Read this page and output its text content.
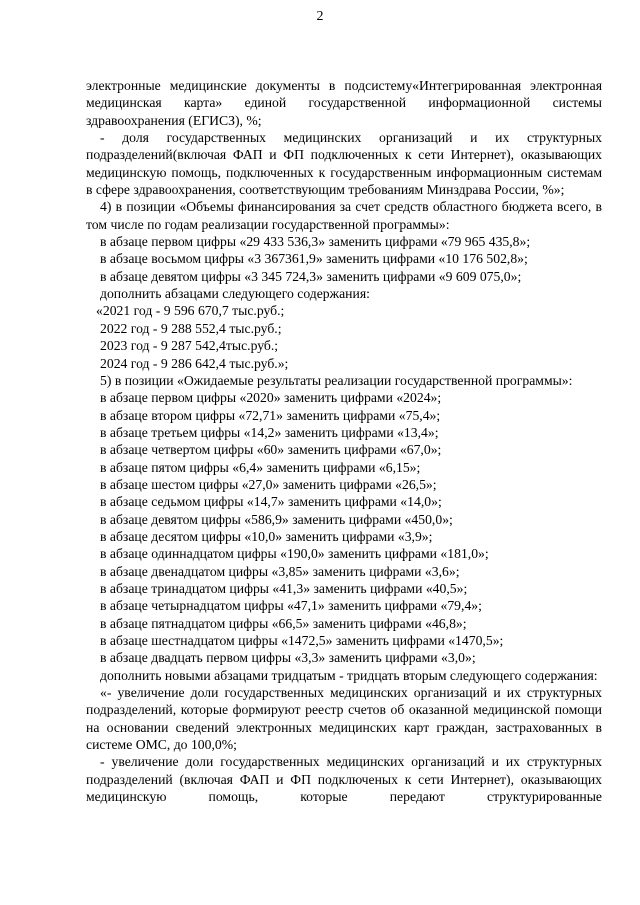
2

электронные медицинские документы в подсистему«Интегрированная электронная медицинская карта» единой государственной информационной системы здравоохранения (ЕГИСЗ), %;

- доля государственных медицинских организаций и их структурных подразделений(включая ФАП и ФП подключенных к сети Интернет), оказывающих медицинскую помощь, подключенных к государственным информационным системам в сфере здравоохранения, соответствующим требованиям Минздрава России, %»;

4) в позиции «Объемы финансирования за счет средств областного бюджета всего, в том числе по годам реализации государственной программы»:

в абзаце первом цифры «29 433 536,3» заменить цифрами «79 965 435,8»;

в абзаце восьмом цифры «3 367361,9» заменить цифрами «10 176 502,8»;

в абзаце девятом цифры «3 345 724,3» заменить цифрами «9 609 075,0»;

дополнить абзацами следующего содержания:

«2021 год - 9 596 670,7 тыс.руб.;

2022 год - 9 288 552,4 тыс.руб.;

2023 год - 9 287 542,4тыс.руб.;

2024 год - 9 286 642,4 тыс.руб.»;

5) в позиции «Ожидаемые результаты реализации государственной программы»:

в абзаце первом цифры «2020» заменить цифрами «2024»;

в абзаце втором цифры «72,71» заменить цифрами «75,4»;

в абзаце третьем цифры «14,2» заменить цифрами «13,4»;

в абзаце четвертом цифры «60» заменить цифрами «67,0»;

в абзаце пятом цифры «6,4» заменить цифрами «6,15»;

в абзаце шестом цифры «27,0» заменить цифрами «26,5»;

в абзаце седьмом цифры «14,7» заменить цифрами «14,0»;

в абзаце девятом цифры «586,9» заменить цифрами «450,0»;

в абзаце десятом цифры «10,0» заменить цифрами «3,9»;

в абзаце одиннадцатом цифры «190,0» заменить цифрами «181,0»;

в абзаце двенадцатом цифры «3,85» заменить цифрами «3,6»;

в абзаце тринадцатом цифры «41,3» заменить цифрами «40,5»;

в абзаце четырнадцатом цифры «47,1» заменить цифрами «79,4»;

в абзаце пятнадцатом цифры «66,5» заменить цифрами «46,8»;

в абзаце шестнадцатом цифры «1472,5» заменить цифрами «1470,5»;

в абзаце двадцать первом цифры «3,3» заменить цифрами «3,0»;

дополнить новыми абзацами тридцатым - тридцать вторым следующего содержания:

«- увеличение доли государственных медицинских организаций и их структурных подразделений, которые формируют реестр счетов об оказанной медицинской помощи на основании сведений электронных медицинских карт граждан, застрахованных в системе ОМС, до 100,0%;

- увеличение доли государственных медицинских организаций и их структурных подразделений (включая ФАП и ФП подключеных к сети Интернет), оказывающих медицинскую помощь, которые передают структурированные
